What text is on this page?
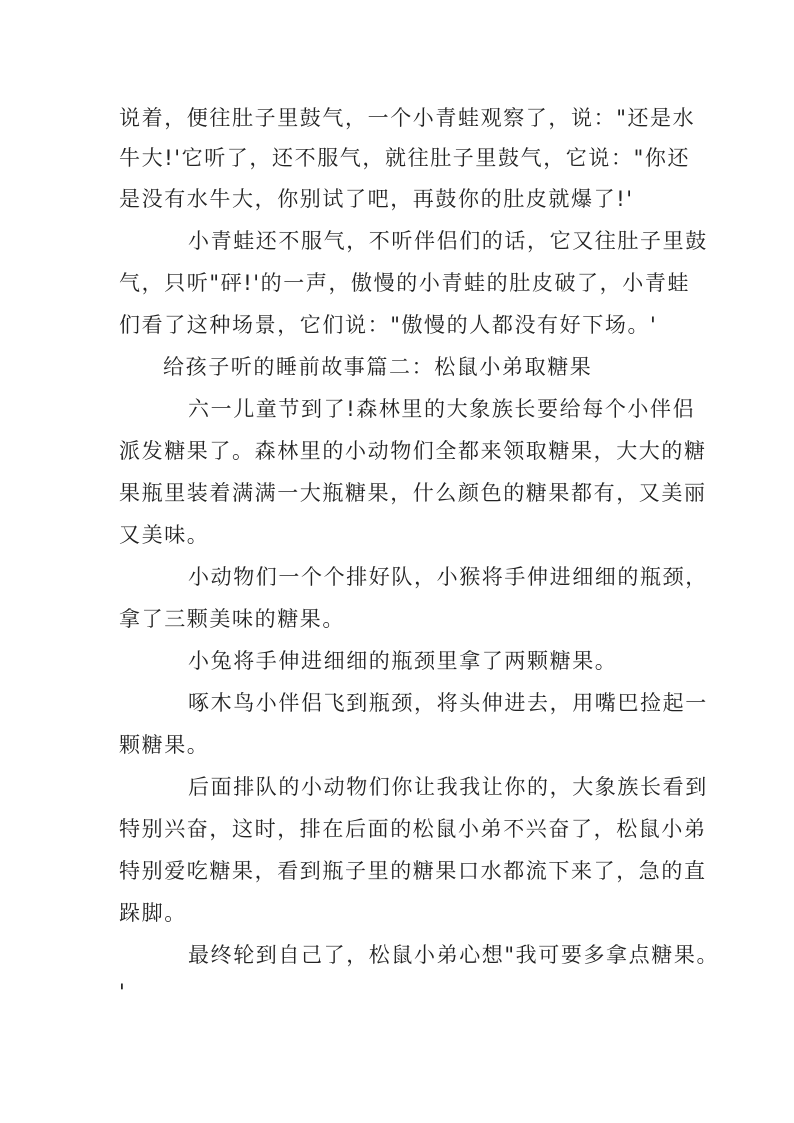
说着，便往肚子里鼓气，一个小青蛙观察了，说："还是水
牛大!'它听了，还不服气，就往肚子里鼓气，它说："你还
是没有水牛大，你别试了吧，再鼓你的肚皮就爆了!'
小青蛙还不服气，不听伴侣们的话，它又往肚子里鼓
气，只听"砰!'的一声，傲慢的小青蛙的肚皮破了，小青蛙
们看了这种场景，它们说："傲慢的人都没有好下场。'
给孩子听的睡前故事篇二：松鼠小弟取糖果
六一儿童节到了!森林里的大象族长要给每个小伴侣
派发糖果了。森林里的小动物们全都来领取糖果，大大的糖
果瓶里装着满满一大瓶糖果，什么颜色的糖果都有，又美丽
又美味。
小动物们一个个排好队，小猴将手伸进细细的瓶颈，
拿了三颗美味的糖果。
小兔将手伸进细细的瓶颈里拿了两颗糖果。
啄木鸟小伴侣飞到瓶颈，将头伸进去，用嘴巴捡起一
颗糖果。
后面排队的小动物们你让我我让你的，大象族长看到
特别兴奋，这时，排在后面的松鼠小弟不兴奋了，松鼠小弟
特别爱吃糖果，看到瓶子里的糖果口水都流下来了，急的直
跺脚。
最终轮到自己了，松鼠小弟心想"我可要多拿点糖果。
'
